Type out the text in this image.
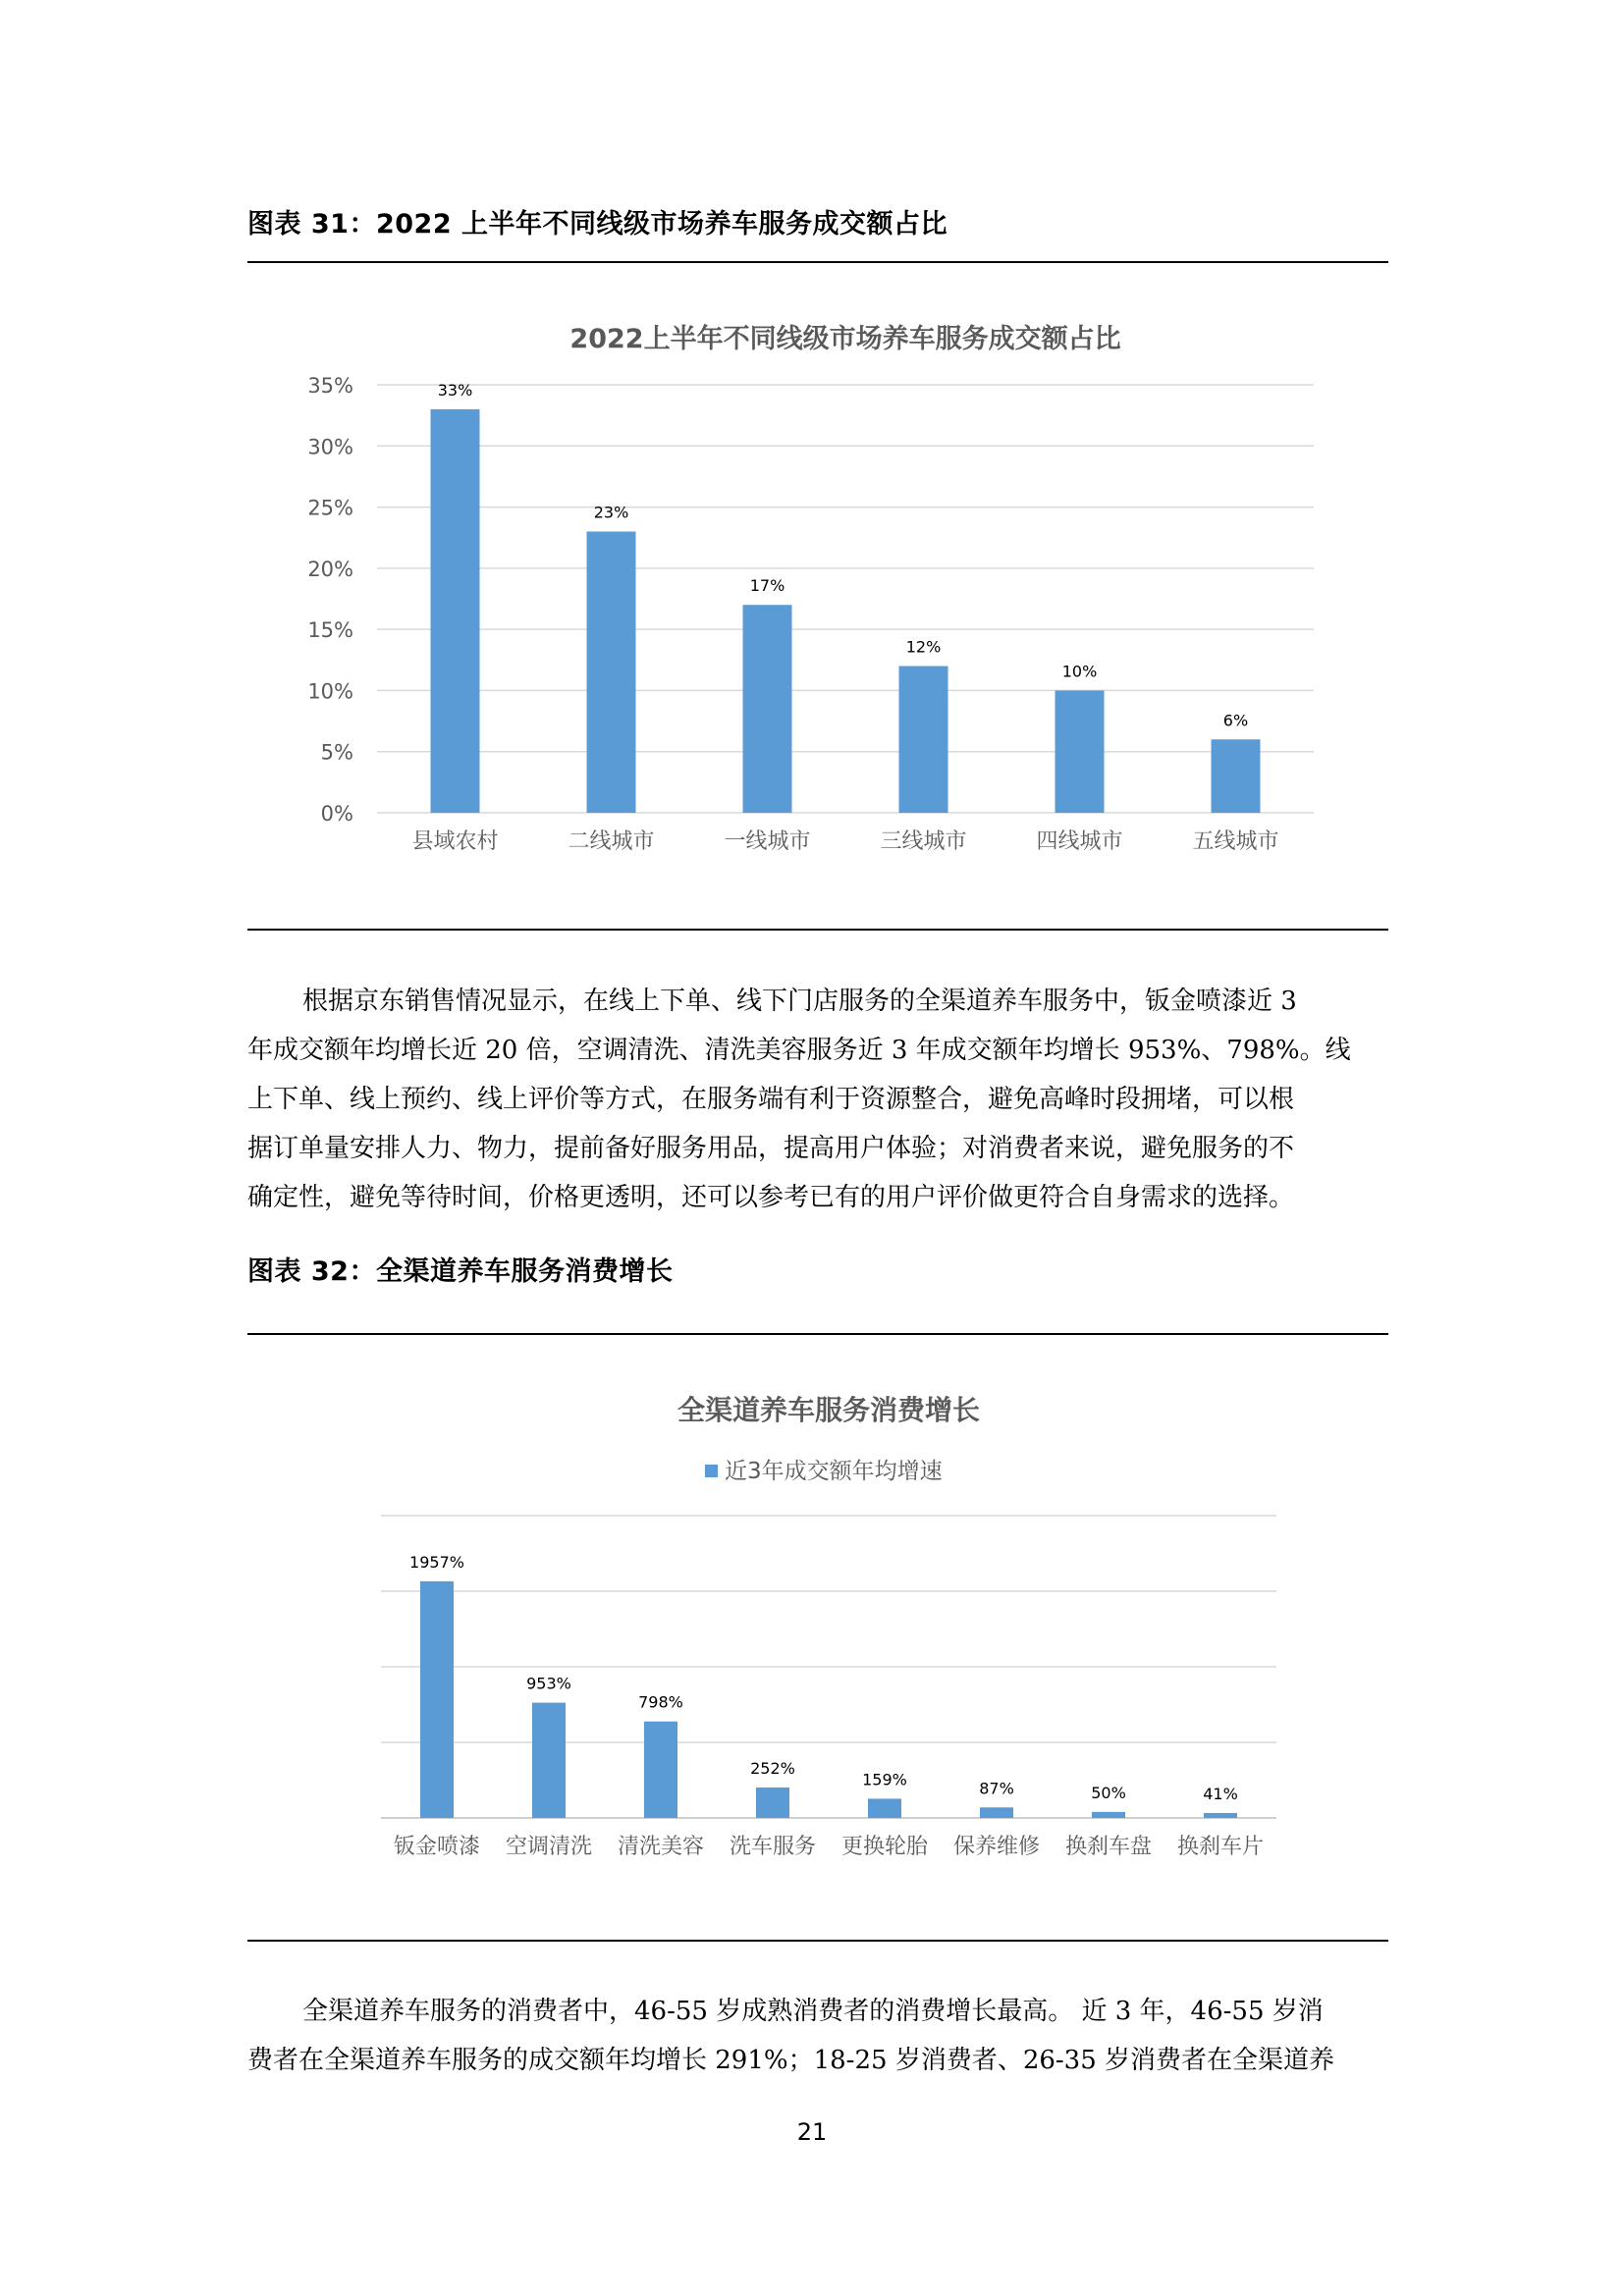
图表 31：2022 上半年不同线级市场养车服务成交额占比
2022上半年不同线级市场养车服务成交额占比
0%
5%
10%
15%
20%
25%
30%
35%	33%
县域农村
23%
二线城市
17%
一线城市
12%
三线城市
10%
四线城市
6%
五线城市
根据京东销售情况显示，在线上下单、线下门店服务的全渠道养车服务中，钣金喷漆近 3
年成交额年均增长近 20 倍，空调清洗、清洗美容服务近 3 年成交额年均增长 953%、798%。线
上下单、线上预约、线上评价等方式，在服务端有利于资源整合，避免高峰时段拥堵，可以根
据订单量安排人力、物力，提前备好服务用品，提高用户体验；对消费者来说，避免服务的不
确定性，避免等待时间，价格更透明，还可以参考已有的用户评价做更符合自身需求的选择。
图表 32：全渠道养车服务消费增长
全渠道养车服务消费增长
近3年成交额年均增速
1957%
钣金喷漆
953%
空调清洗
798%
清洗美容
252%
洗车服务
159%
更换轮胎
87%
保养维修
50%
换刹车盘
41%
换刹车片
全渠道养车服务的消费者中，46-55 岁成熟消费者的消费增长最高。 近 3 年，46-55 岁消
费者在全渠道养车服务的成交额年均增长 291%；18-25 岁消费者、26-35 岁消费者在全渠道养
21
